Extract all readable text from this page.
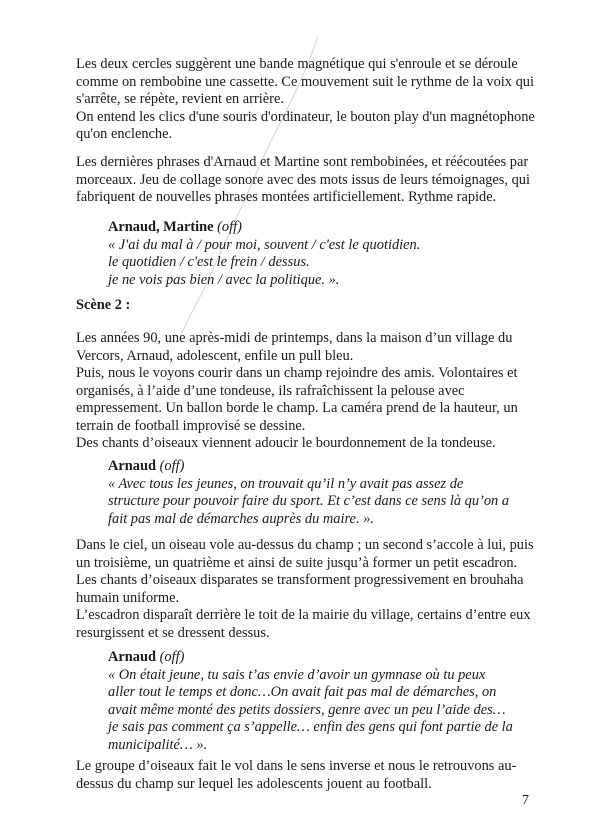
Les deux cercles suggèrent une bande magnétique qui s'enroule et se déroule
comme on rembobine une cassette. Ce mouvement suit le rythme de la voix qui
s'arrête, se répète, revient en arrière.
On entend les clics d'une souris d'ordinateur, le bouton play d'un magnétophone
qu'on enclenche.

Les dernières phrases d'Arnaud et Martine sont rembobinées, et réécoutées par
morceaux. Jeu de collage sonore avec des mots issus de leurs témoignages, qui
fabriquent de nouvelles phrases montées artificiellement. Rythme rapide.

Arnaud, Martine (off)
« J'ai du mal à / pour moi, souvent / c'est le quotidien.
le quotidien / c'est le frein / dessus.
je ne vois pas bien / avec la politique. ».
Scène 2 :

Les années 90, une après-midi de printemps, dans la maison d’un village du
Vercors, Arnaud, adolescent, enfile un pull bleu.
Puis, nous le voyons courir dans un champ rejoindre des amis. Volontaires et
organisés, à l’aide d’une tondeuse, ils rafraîchissent la pelouse avec
empressement. Un ballon borde le champ. La caméra prend de la hauteur, un
terrain de football improvisé se dessine.
Des chants d’oiseaux viennent adoucir le bourdonnement de la tondeuse.

Arnaud (off)
« Avec tous les jeunes, on trouvait qu’il n’y avait pas assez de
structure pour pouvoir faire du sport. Et c’est dans ce sens là qu’on a
fait pas mal de démarches auprès du maire. ».

Dans le ciel, un oiseau vole au-dessus du champ ; un second s’accole à lui, puis
un troisième, un quatrième et ainsi de suite jusqu’à former un petit escadron.
Les chants d’oiseaux disparates se transforment progressivement en brouhaha
humain uniforme.
L’escadron disparaît derrière le toit de la mairie du village, certains d’entre eux
resurgissent et se dressent dessus.

Arnaud (off)
« On était jeune, tu sais t’as envie d’avoir un gymnase où tu peux
aller tout le temps et donc…On avait fait pas mal de démarches, on
avait même monté des petits dossiers, genre avec un peu l’aide des…
je sais pas comment ça s’appelle… enfin des gens qui font partie de la
municipalité… ».

Le groupe d’oiseaux fait le vol dans le sens inverse et nous le retrouvons au-
dessus du champ sur lequel les adolescents jouent au football.

7
